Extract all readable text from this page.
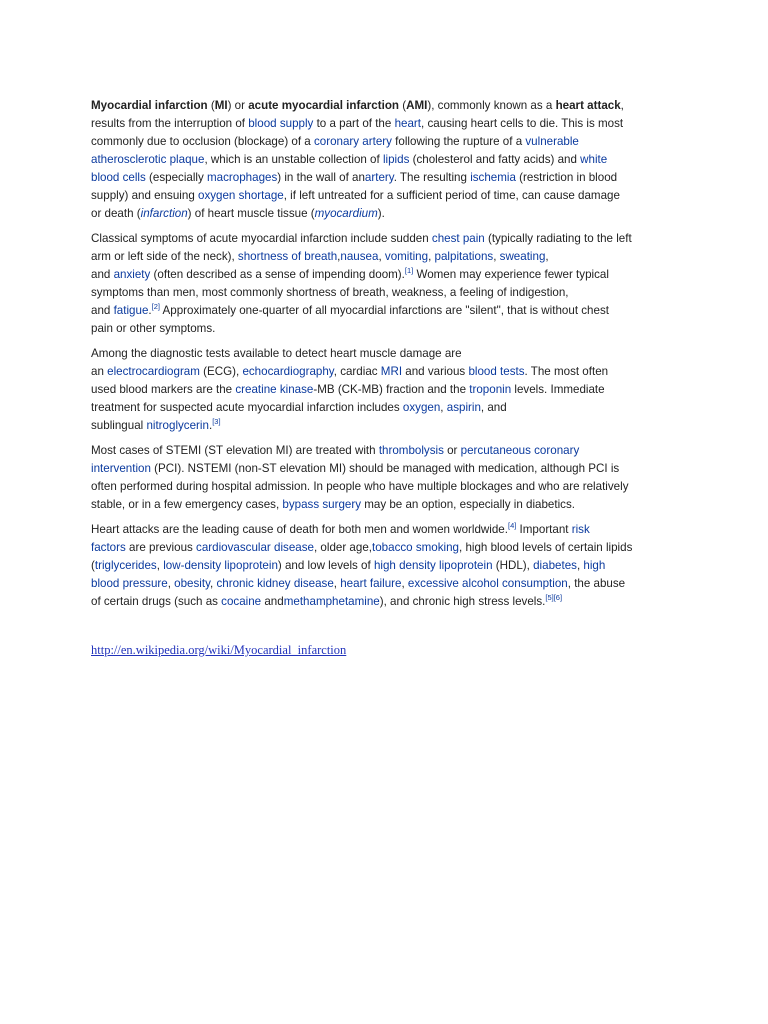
Myocardial infarction (MI) or acute myocardial infarction (AMI), commonly known as a heart attack,
results from the interruption of blood supply to a part of the heart, causing heart cells to die. This is most
commonly due to occlusion (blockage) of a coronary artery following the rupture of a vulnerable
atherosclerotic plaque, which is an unstable collection of lipids (cholesterol and fatty acids) and white
blood cells (especially macrophages) in the wall of anartery. The resulting ischemia (restriction in blood
supply) and ensuing oxygen shortage, if left untreated for a sufficient period of time, can cause damage
or death (infarction) of heart muscle tissue (myocardium).

Classical symptoms of acute myocardial infarction include sudden chest pain (typically radiating to the left
arm or left side of the neck), shortness of breath,nausea, vomiting, palpitations, sweating,
and anxiety (often described as a sense of impending doom).[1] Women may experience fewer typical
symptoms than men, most commonly shortness of breath, weakness, a feeling of indigestion,
and fatigue.[2] Approximately one-quarter of all myocardial infarctions are "silent", that is without chest
pain or other symptoms.

Among the diagnostic tests available to detect heart muscle damage are
an electrocardiogram (ECG), echocardiography, cardiac MRI and various blood tests. The most often
used blood markers are the creatine kinase-MB (CK-MB) fraction and the troponin levels. Immediate
treatment for suspected acute myocardial infarction includes oxygen, aspirin, and
sublingual nitroglycerin.[3]

Most cases of STEMI (ST elevation MI) are treated with thrombolysis or percutaneous coronary
intervention (PCI). NSTEMI (non-ST elevation MI) should be managed with medication, although PCI is
often performed during hospital admission. In people who have multiple blockages and who are relatively
stable, or in a few emergency cases, bypass surgery may be an option, especially in diabetics.

Heart attacks are the leading cause of death for both men and women worldwide.[4] Important risk
factors are previous cardiovascular disease, older age,tobacco smoking, high blood levels of certain lipids
(triglycerides, low-density lipoprotein) and low levels of high density lipoprotein (HDL), diabetes, high
blood pressure, obesity, chronic kidney disease, heart failure, excessive alcohol consumption, the abuse
of certain drugs (such as cocaine andmethamphetamine), and chronic high stress levels.[5][6]

http://en.wikipedia.org/wiki/Myocardial_infarction
